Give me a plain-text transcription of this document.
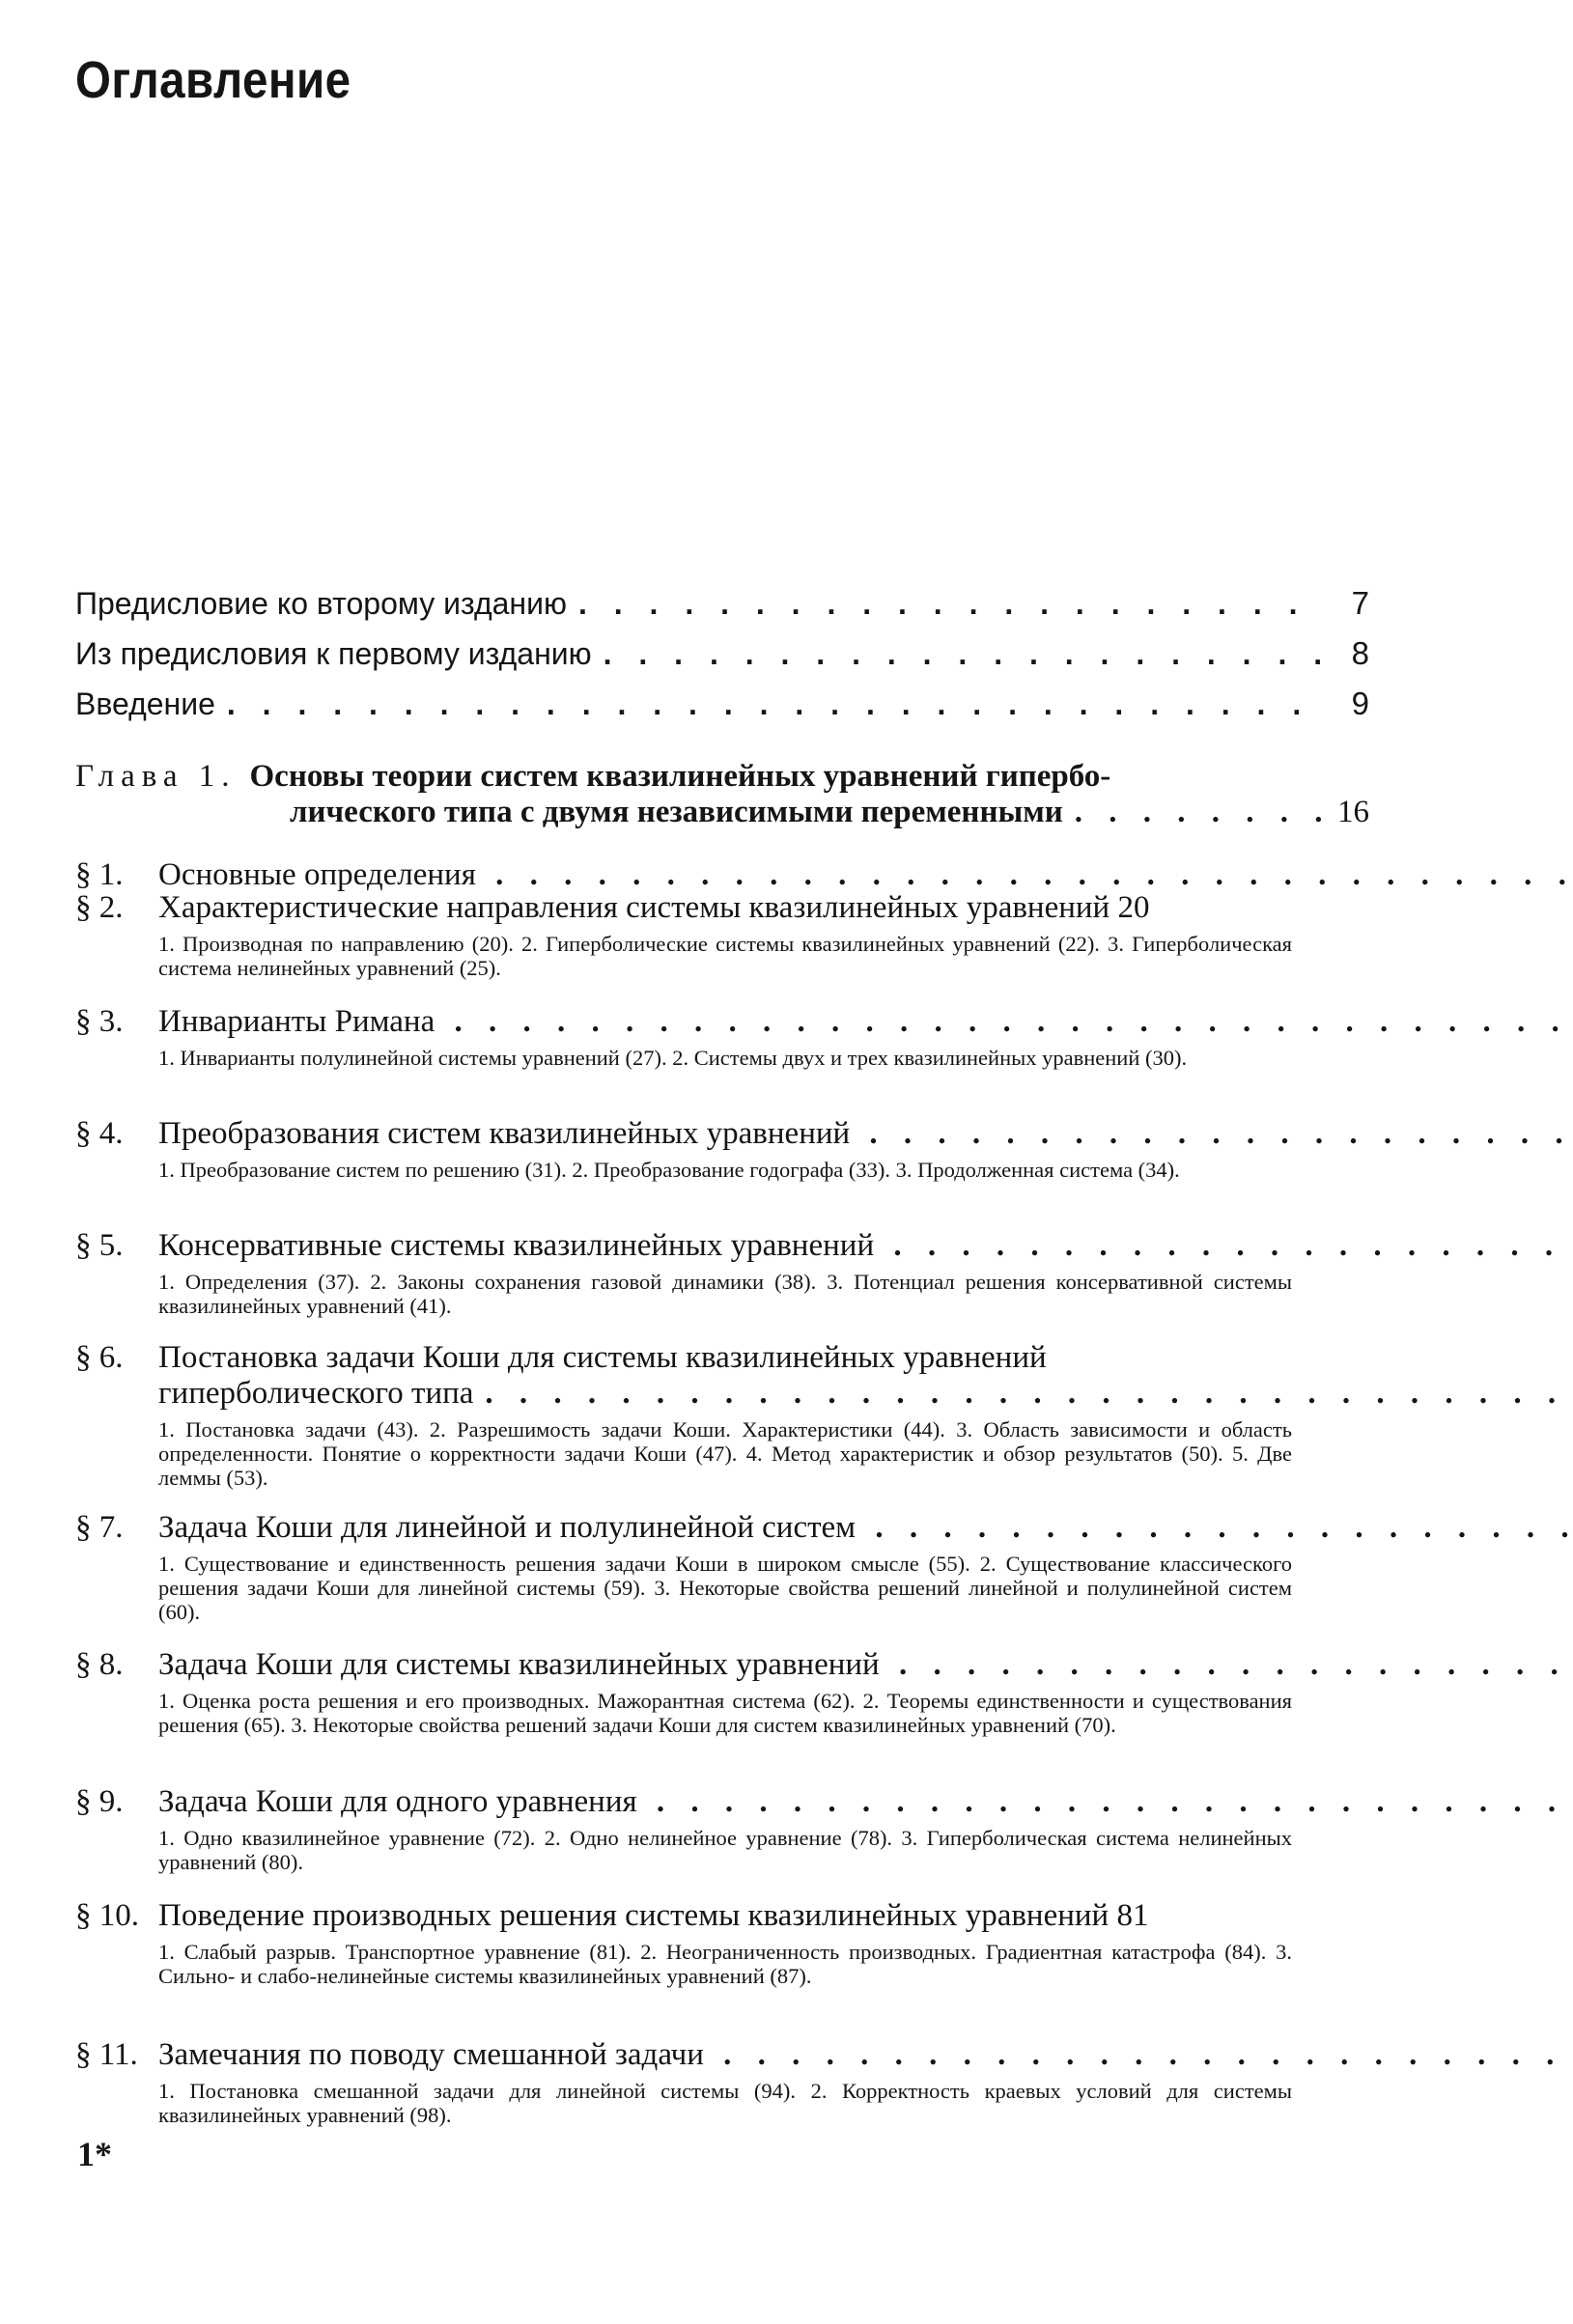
Оглавление
Предисловие ко второму изданию . . .	7
Из предисловия к первому изданию . . .	8
Введение . . .	9
Глава 1. Основы теории систем квазилинейных уравнений гипербо-
лического типа с двумя независимыми переменными . . .	16
§ 1.	Основные определения . . .
§ 2.	Характеристические направления системы квазилинейных уравнений 20
1. Производная по направлению (20). 2. Гиперболические системы квазилинейных уравнений (22). 3. Гиперболическая система нелинейных уравнений (25).
§ 3.	Инварианты Римана . . .
1. Инварианты полулинейной системы уравнений (27). 2. Системы двух и трех квазилинейных уравнений (30).
§ 4.	Преобразования систем квазилинейных уравнений . . .
1. Преобразование систем по решению (31). 2. Преобразование годографа (33). 3. Продолженная система (34).
§ 5.	Консервативные системы квазилинейных уравнений . . .
1. Определения (37). 2. Законы сохранения газовой динамики (38). 3. Потенциал решения консервативной системы квазилинейных уравнений (41).
§ 6.	Постановка задачи Коши для системы квазилинейных уравнений
гиперболического типа
. . .
1. Постановка задачи (43). 2. Разрешимость задачи Коши. Характеристики (44). 3. Область зависимости и область определенности. Понятие о корректности задачи Коши (47). 4. Метод характеристик и обзор результатов (50). 5. Две леммы (53).
§ 7.	Задача Коши для линейной и полулинейной систем . . .
1. Существование и единственность решения задачи Коши в широком смысле (55). 2. Существование классического решения задачи Коши для линейной системы (59). 3. Некоторые свойства решений линейной и полулинейной систем (60).
§ 8.	Задача Коши для системы квазилинейных уравнений . . .
1. Оценка роста решения и его производных. Мажорантная система (62). 2. Теоремы единственности и существования решения (65). 3. Некоторые свойства решений задачи Коши для систем квазилинейных уравнений (70).
§ 9.	Задача Коши для одного уравнения . . .
1. Одно квазилинейное уравнение (72). 2. Одно нелинейное уравнение (78). 3. Гиперболическая система нелинейных уравнений (80).
§ 10. Поведение производных решения системы квазилинейных уравнений 81
1. Слабый разрыв. Транспортное уравнение (81). 2. Неограниченность производных. Градиентная катастрофа (84). 3. Сильно- и слабо-нелинейные системы квазилинейных уравнений (87).
§ 11. Замечания по поводу смешанной задачи . . .
1. Постановка смешанной задачи для линейной системы (94). 2. Корректность краевых условий для системы квазилинейных уравнений (98).
1*
